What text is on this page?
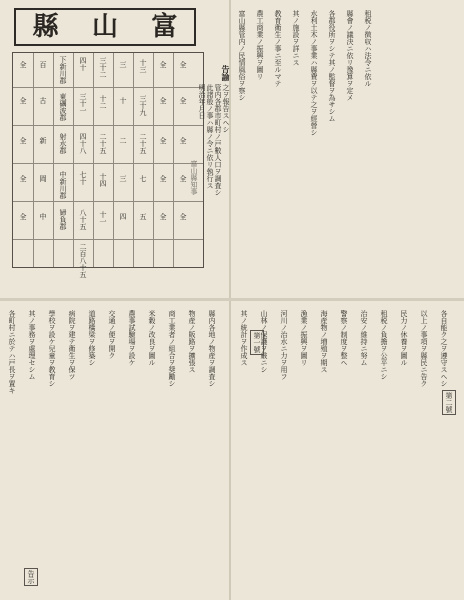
縣 山 富
全
全
全
全
全
百
古
新
岡
中
下新川郡
東礪波郡
射水郡
中新川郡
婦負郡
四十
三十一
四十八
七十
八十五
二百八十五
三十二
十二
二十五
十四
十一
三
十
二
三
四
十三
三十九
二十五
七
五
全
全
全
全
全
全
全
全
全
全
告諭
此諸般ノ事ハ縣ノ令ニ依リ執行ス 管内各郡市町村ノ戸數人口ヲ調査シ 之ヲ報告スヘシ
明治年月日
富山縣知事
富山縣管内ノ民情風俗ヲ察シ 農工商業ノ振興ヲ圖リ 教育衛生ノ事ニ至ルマテ 其ノ施設ヲ詳ニス 水利土木ノ事業ハ縣費ヲ以テ之ヲ經營シ 各郡役所ヲシテ其ノ監督ヲ為サシム 縣會ノ議決ニ依リ豫算ヲ定メ 租税ノ徴収ハ法令ニ依ル
各町村ニ於テハ戸長ヲ置キ 其ノ事務ヲ處理セシム 學校ヲ設ケ兒童ヲ教育シ 病院ヲ建テ衛生ヲ保ツ 道路橋梁ヲ修築シ 交通ノ便ヲ開ク 農事試驗場ヲ設ケ 米穀ノ改良ヲ圖ル 商工業者ノ組合ヲ奨勵シ 物産ノ販路ヲ擴張ス 縣内各地ノ物産ヲ調査シ	其ノ統計ヲ作成ス 山林ノ保護ヲ厳ニシ 河川ノ治水ニ力ヲ用フ 漁業ノ振興ヲ圖リ 海産物ノ増殖ヲ期ス 警察ノ制度ヲ整ヘ 治安ノ維持ニ努ム 租税ノ負擔ヲ公平ニシ 民力ノ休養ヲ圖ル 以上ノ事項ヲ縣民ニ告ク 各自能ク之ヲ遵守スヘシ
告示
第一號
第二號
